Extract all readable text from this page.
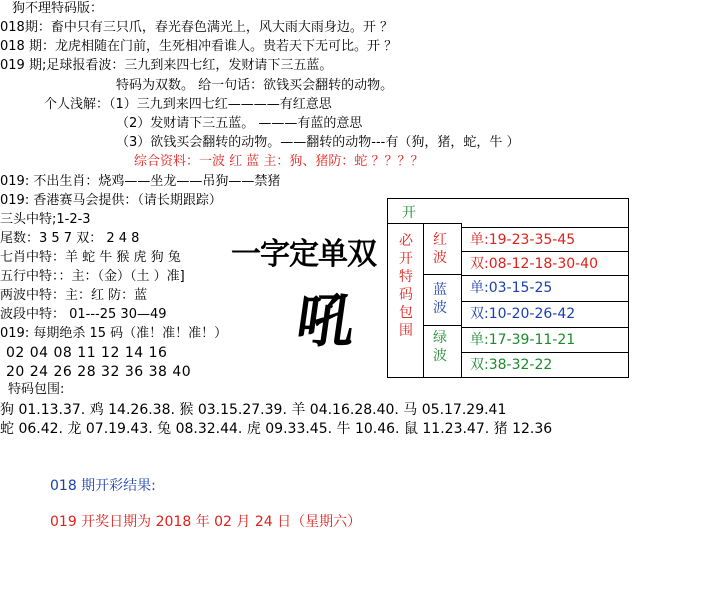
狗不理特码版：
018期：畜中只有三只爪，春光春色满光上，风大雨大雨身边。开 ？
018 期：龙虎相随在门前，生死相冲看谁人。贵若天下无可比。开 ？
019 期;足球报看波：三九到来四七红，发财请下三五蓝。
特码为双数。 给一句话：欲钱买会翻转的动物。
个人浅解：（1）三九到来四七红————有红意思
（2）发财请下三五蓝。 ———有蓝的意思
（3）欲钱买会翻转的动物。——翻转的动物---有（狗，猪，蛇，牛 ）
综合资料：一波 红 蓝 主：狗、猪防：蛇 ？？？？
019: 不出生肖：烧鸡——坐龙——吊狗——禁猪
019: 香港赛马会提供：（请长期跟踪）
三头中特;1-2-3
尾数：3 5 7 双： 2 4 8
七肖中特：羊 蛇 牛 猴 虎 狗 兔
五行中特：：主：（金）（土 ）准]
两波中特：主：红 防：蓝
波段中特： 01---25 30—49
019: 每期绝杀 15 码（准！准！准！）
02 04 08 11 12 14 16
20 24 26 28 32 36 38 40
特码包围:
狗 01.13.37. 鸡 14.26.38. 猴 03.15.27.39. 羊 04.16.28.40. 马 05.17.29.41
蛇 06.42. 龙 07.19.43. 兔 08.32.44. 虎 09.33.45. 牛 10.46. 鼠 11.23.47. 猪 12.36
一字定单双
吼
开
必开特码包围
红波
蓝波
绿波
单:19-23-35-45
双:08-12-18-30-40
单:03-15-25
双:10-20-26-42
单:17-39-11-21
双:38-32-22
018 期开彩结果:
019 开奖日期为 2018 年 02 月 24 日（星期六）
